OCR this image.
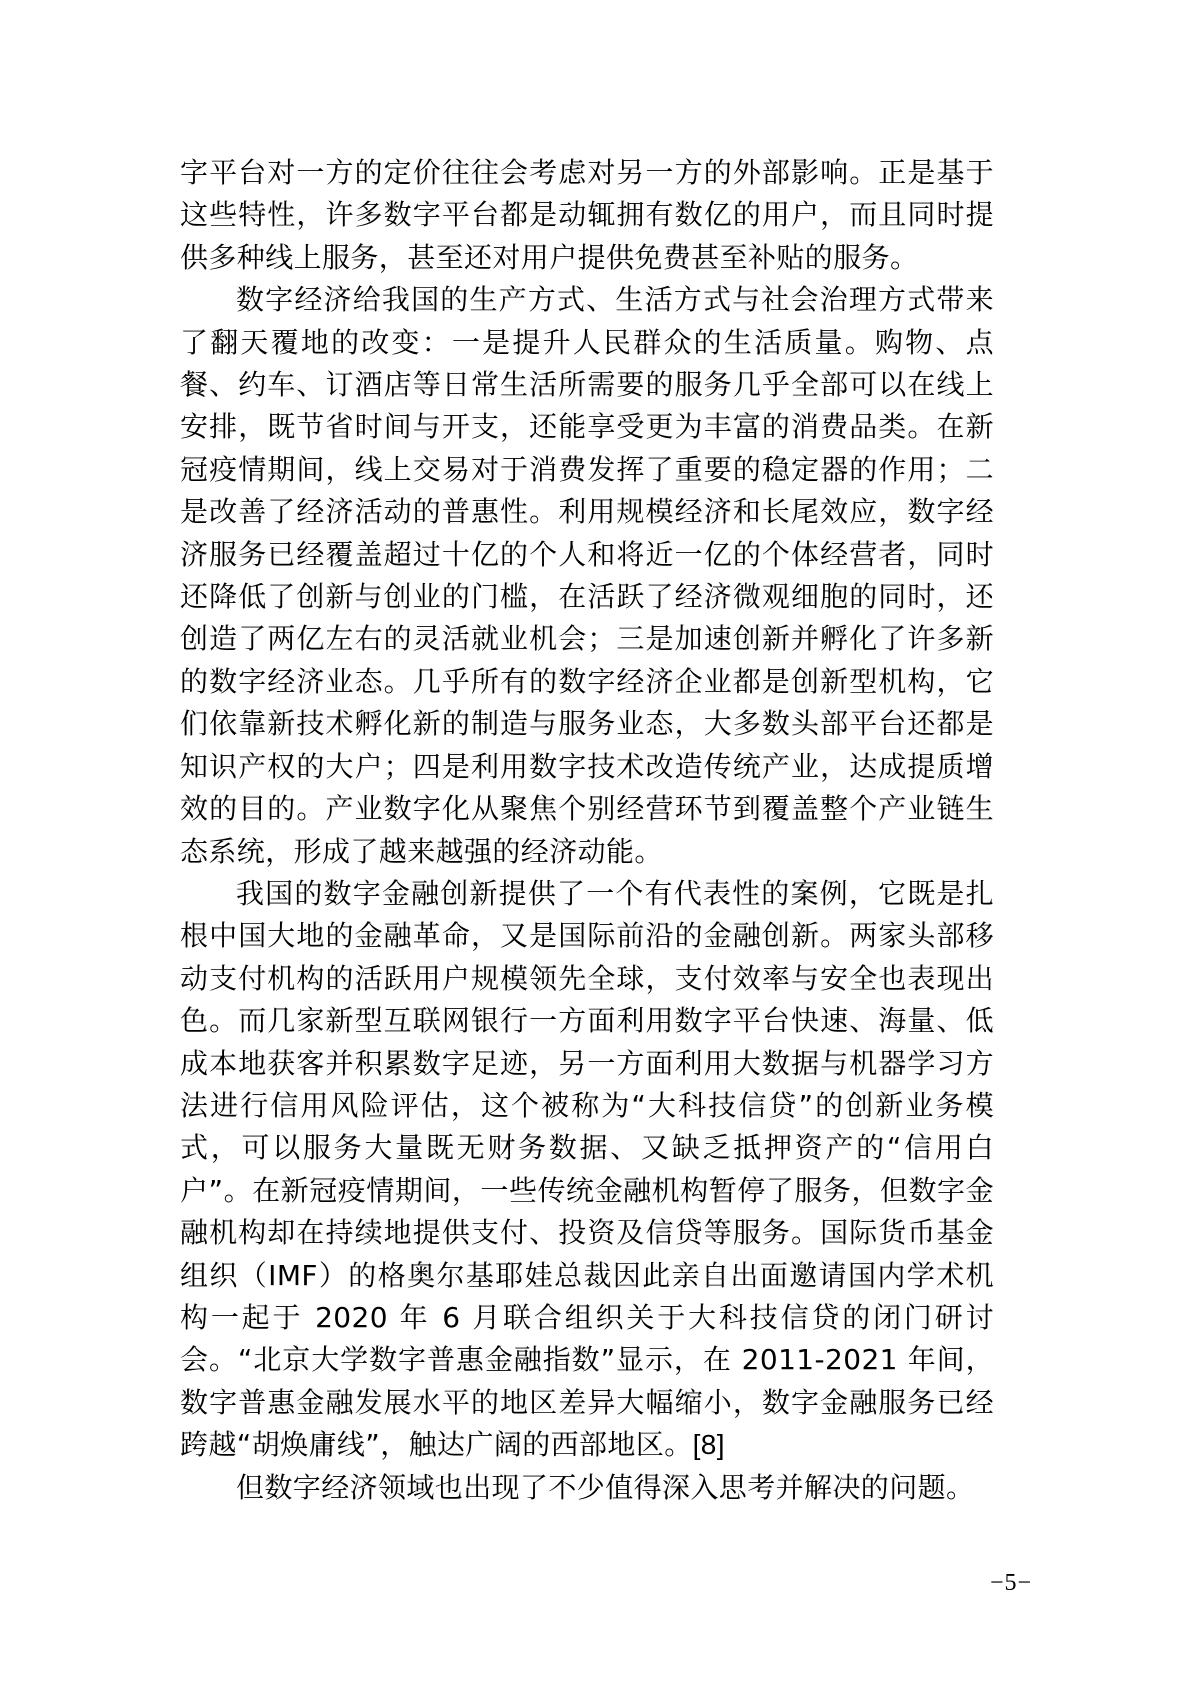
字平台对一方的定价往往会考虑对另一方的外部影响。正是基于这些特性，许多数字平台都是动辄拥有数亿的用户，而且同时提供多种线上服务，甚至还对用户提供免费甚至补贴的服务。

数字经济给我国的生产方式、生活方式与社会治理方式带来了翻天覆地的改变：一是提升人民群众的生活质量。购物、点餐、约车、订酒店等日常生活所需要的服务几乎全部可以在线上安排，既节省时间与开支，还能享受更为丰富的消费品类。在新冠疫情期间，线上交易对于消费发挥了重要的稳定器的作用；二是改善了经济活动的普惠性。利用规模经济和长尾效应，数字经济服务已经覆盖超过十亿的个人和将近一亿的个体经营者，同时还降低了创新与创业的门槛，在活跃了经济微观细胞的同时，还创造了两亿左右的灵活就业机会；三是加速创新并孵化了许多新的数字经济业态。几乎所有的数字经济企业都是创新型机构，它们依靠新技术孵化新的制造与服务业态，大多数头部平台还都是知识产权的大户；四是利用数字技术改造传统产业，达成提质增效的目的。产业数字化从聚焦个别经营环节到覆盖整个产业链生态系统，形成了越来越强的经济动能。

我国的数字金融创新提供了一个有代表性的案例，它既是扎根中国大地的金融革命，又是国际前沿的金融创新。两家头部移动支付机构的活跃用户规模领先全球，支付效率与安全也表现出色。而几家新型互联网银行一方面利用数字平台快速、海量、低成本地获客并积累数字足迹，另一方面利用大数据与机器学习方法进行信用风险评估，这个被称为“大科技信贷”的创新业务模式，可以服务大量既无财务数据、又缺乏抵押资产的“信用白户”。在新冠疫情期间，一些传统金融机构暂停了服务，但数字金融机构却在持续地提供支付、投资及信贷等服务。国际货币基金组织（IMF）的格奥尔基耶娃总裁因此亲自出面邀请国内学术机构一起于 2020 年 6 月联合组织关于大科技信贷的闭门研讨会。“北京大学数字普惠金融指数”显示，在 2011-2021 年间，数字普惠金融发展水平的地区差异大幅缩小，数字金融服务已经跨越“胡焕庸线”，触达广阔的西部地区。[8]

但数字经济领域也出现了不少值得深入思考并解决的问题。

−5−
